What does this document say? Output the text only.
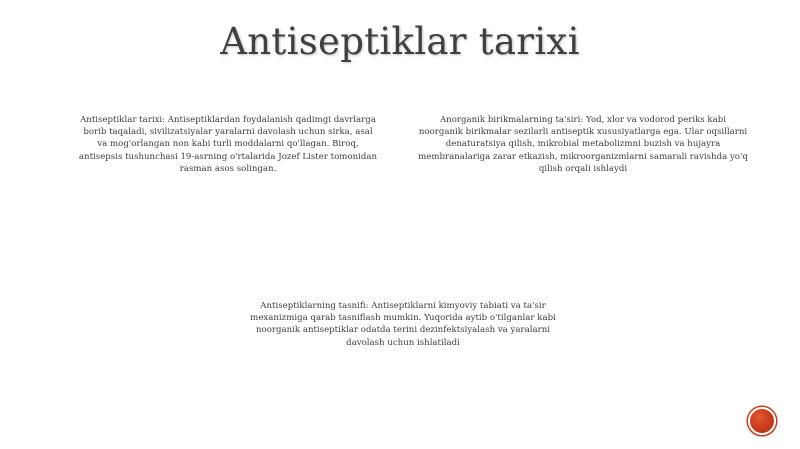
Antiseptiklar tarixi
Antiseptiklar tarixi: Antiseptiklardan foydalanish qadimgi davrlarga borib taqaladi, sivilizatsiyalar yaralarni davolash uchun sirka, asal va mog'orlangan non kabi turli moddalarni qo'llagan. Biroq, antisepsis tushunchasi 19-asrning o'rtalarida Jozef Lister tomonidan rasman asos solingan.
Anorganik birikmalarning ta'siri: Yod, xlor va vodorod periks kabi noorganik birikmalar sezilarli antiseptik xususiyatlarga ega. Ular oqsillarni denaturatsiya qilish, mikrobial metabolizmni buzish va hujayra membranalariga zarar etkazish, mikroorganizmlarni samarali ravishda yo'q qilish orqali ishlaydi
Antiseptiklarning tasnifi: Antiseptiklarni kimyoviy tabiati va ta'sir mexanizmiga qarab tasniflash mumkin. Yuqorida aytib o'tilganlar kabi noorganik antiseptiklar odatda terini dezinfektsiyalash va yaralarni davolash uchun ishlatiladi
